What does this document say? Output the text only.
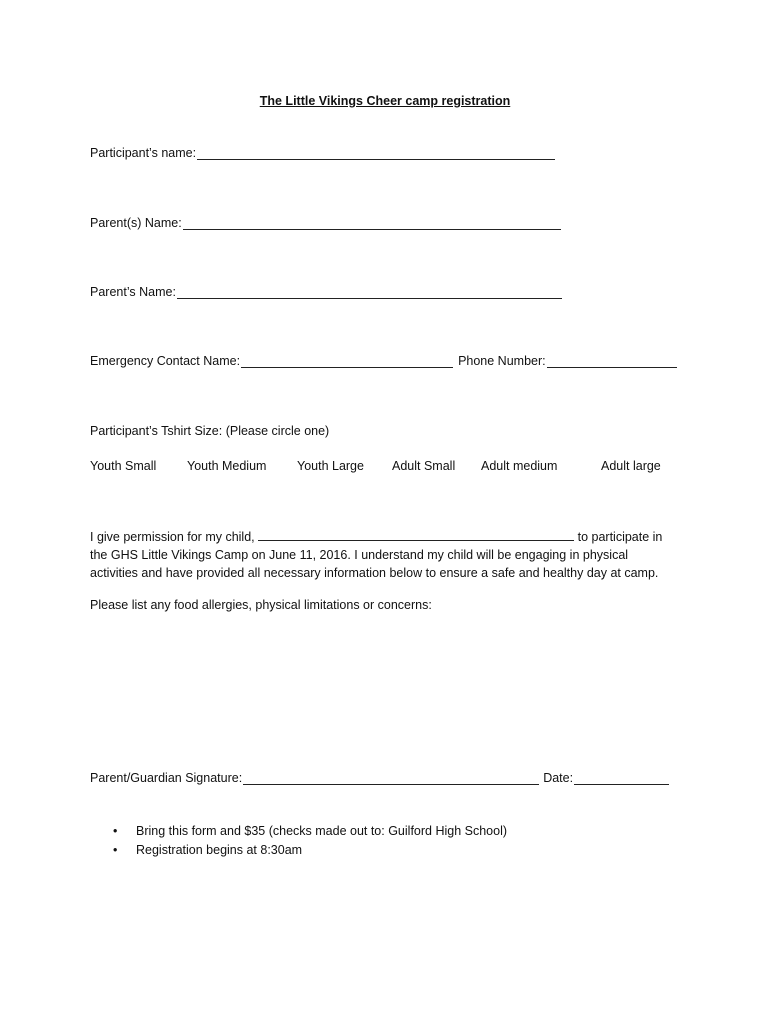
The Little Vikings Cheer camp registration
Participant’s name:
Parent(s) Name:
Parent’s Name:
Emergency Contact Name:	Phone Number:
Participant’s Tshirt Size: (Please circle one)
Youth Small Youth Medium Youth Large Adult Small Adult medium	Adult large
I give permission for my child,	to participate in
the GHS Little Vikings Camp on June 11, 2016. I understand my child will be engaging in physical
activities and have provided all necessary information below to ensure a safe and healthy day at camp.
Please list any food allergies, physical limitations or concerns:
Parent/Guardian Signature:	Date:
• Bring this form and $35 (checks made out to: Guilford High School)
• Registration begins at 8:30am
